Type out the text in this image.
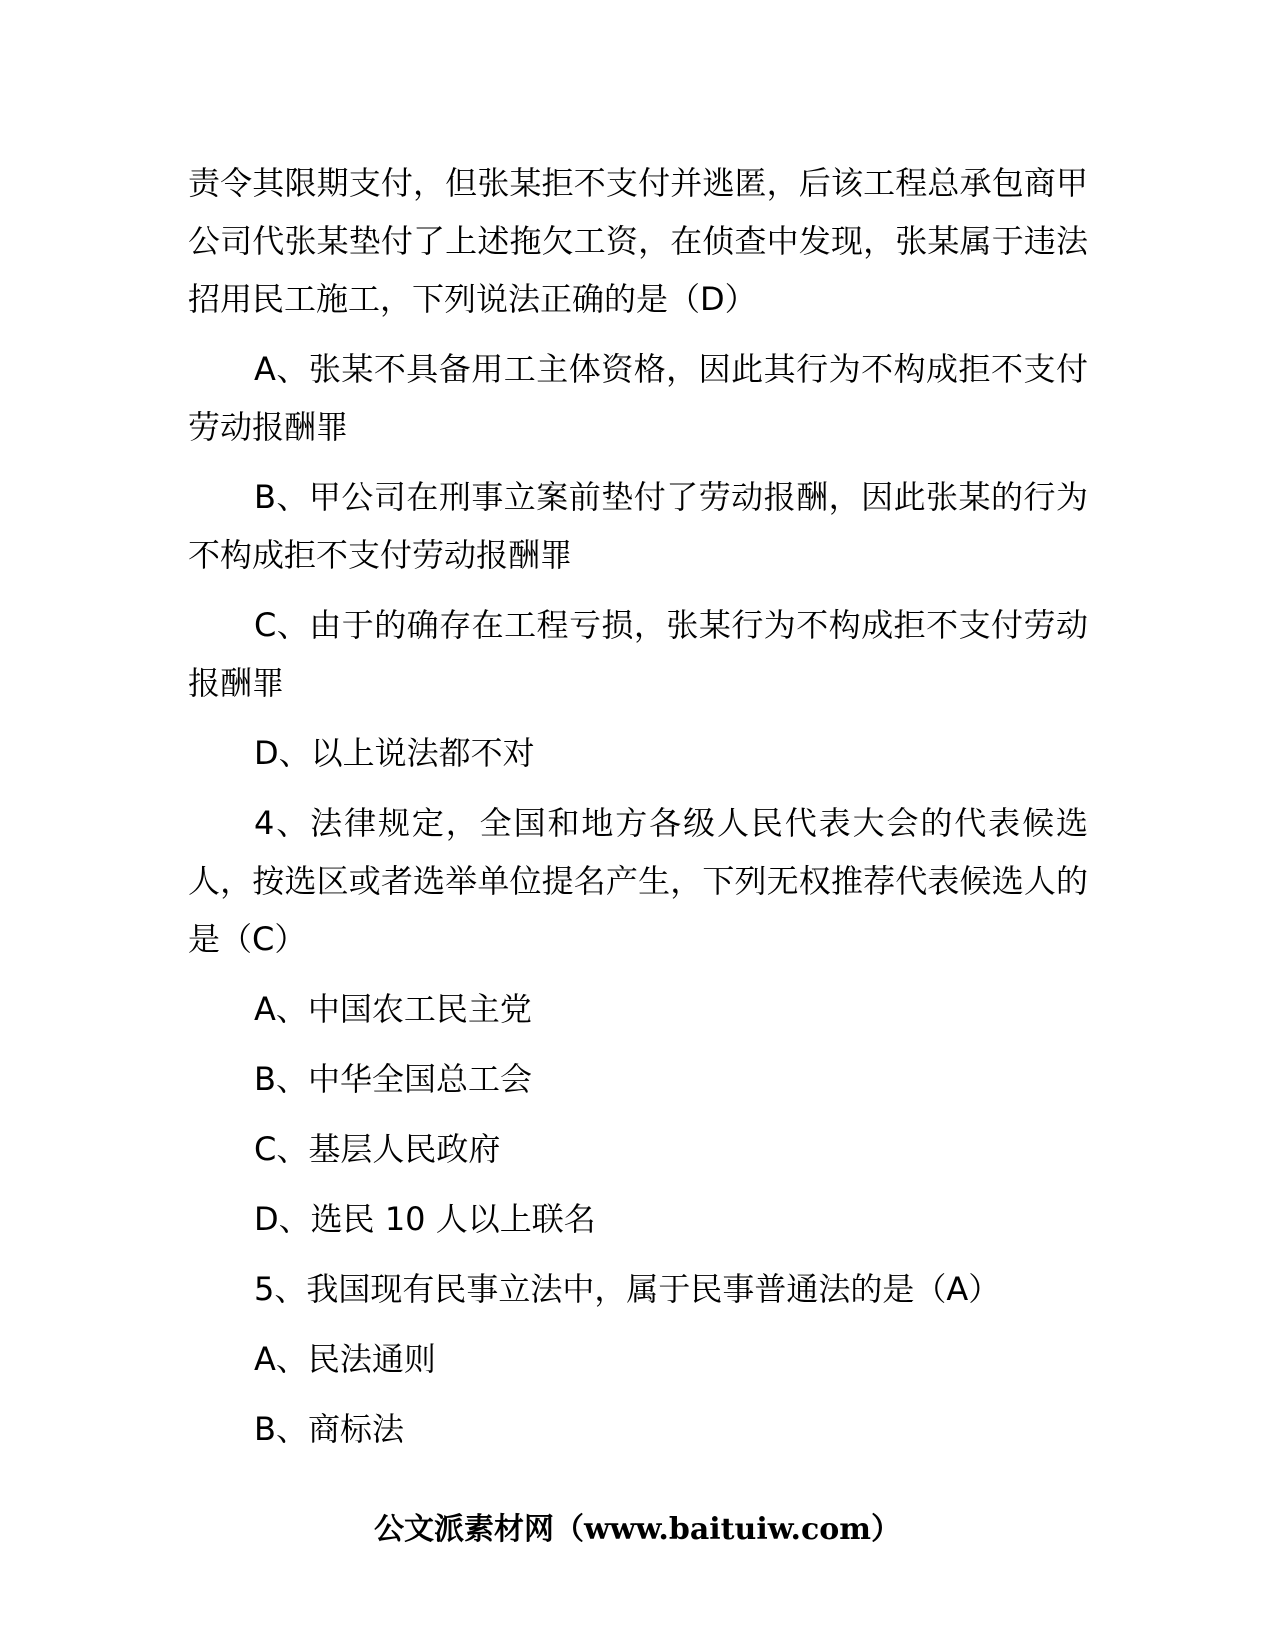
责令其限期支付，但张某拒不支付并逃匿，后该工程总承包商甲公司代张某垫付了上述拖欠工资，在侦查中发现，张某属于违法招用民工施工，下列说法正确的是（D）

A、张某不具备用工主体资格，因此其行为不构成拒不支付劳动报酬罪

B、甲公司在刑事立案前垫付了劳动报酬，因此张某的行为不构成拒不支付劳动报酬罪

C、由于的确存在工程亏损，张某行为不构成拒不支付劳动报酬罪

D、以上说法都不对

4、法律规定，全国和地方各级人民代表大会的代表候选人，按选区或者选举单位提名产生，下列无权推荐代表候选人的是（C）

A、中国农工民主党

B、中华全国总工会

C、基层人民政府

D、选民 10 人以上联名

5、我国现有民事立法中，属于民事普通法的是（A）

A、民法通则

B、商标法

公文派素材网（www.baituiw.com）
